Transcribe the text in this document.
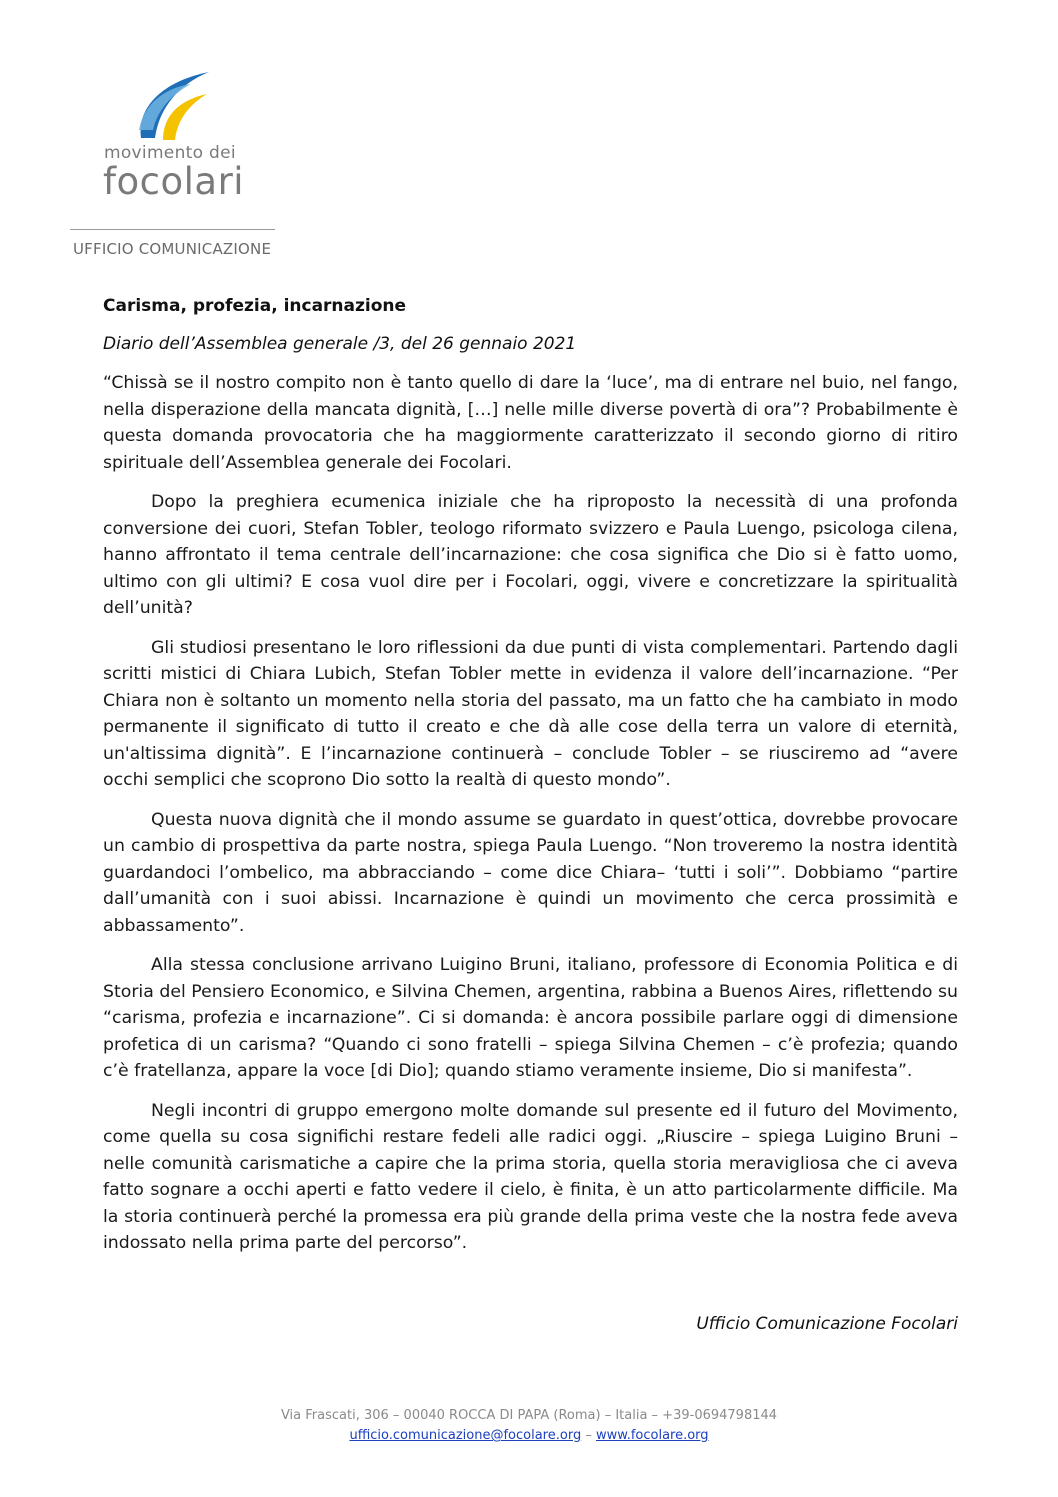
movimento dei
focolari
UFFICIO COMUNICAZIONE
Carisma, profezia, incarnazione
Diario dell’Assemblea generale /3, del 26 gennaio 2021

“Chissà se il nostro compito non è tanto quello di dare la ‘luce’, ma di entrare nel buio, nel fango, nella disperazione della mancata dignità, […] nelle mille diverse povertà di ora”? Probabilmente è questa domanda provocatoria che ha maggiormente caratterizzato il secondo giorno di ritiro spirituale dell’Assemblea generale dei Focolari.

Dopo la preghiera ecumenica iniziale che ha riproposto la necessità di una profonda conversione dei cuori, Stefan Tobler, teologo riformato svizzero e Paula Luengo, psicologa cilena, hanno affrontato il tema centrale dell’incarnazione: che cosa significa che Dio si è fatto uomo, ultimo con gli ultimi? E cosa vuol dire per i Focolari, oggi, vivere e concretizzare la spiritualità dell’unità?

Gli studiosi presentano le loro riflessioni da due punti di vista complementari. Partendo dagli scritti mistici di Chiara Lubich, Stefan Tobler mette in evidenza il valore dell’incarnazione. “Per Chiara non è soltanto un momento nella storia del passato, ma un fatto che ha cambiato in modo permanente il significato di tutto il creato e che dà alle cose della terra un valore di eternità, un'altissima dignità”. E l’incarnazione continuerà – conclude Tobler – se riusciremo ad “avere occhi semplici che scoprono Dio sotto la realtà di questo mondo”.

Questa nuova dignità che il mondo assume se guardato in quest’ottica, dovrebbe provocare un cambio di prospettiva da parte nostra, spiega Paula Luengo. “Non troveremo la nostra identità guardandoci l’ombelico, ma abbracciando – come dice Chiara– ‘tutti i soli’”. Dobbiamo “partire dall’umanità con i suoi abissi. Incarnazione è quindi un movimento che cerca prossimità e abbassamento”.

Alla stessa conclusione arrivano Luigino Bruni, italiano, professore di Economia Politica e di Storia del Pensiero Economico, e Silvina Chemen, argentina, rabbina a Buenos Aires, riflettendo su “carisma, profezia e incarnazione”. Ci si domanda: è ancora possibile parlare oggi di dimensione profetica di un carisma? “Quando ci sono fratelli – spiega Silvina Chemen – c’è profezia; quando c’è fratellanza, appare la voce [di Dio]; quando stiamo veramente insieme, Dio si manifesta”.

Negli incontri di gruppo emergono molte domande sul presente ed il futuro del Movimento, come quella su cosa significhi restare fedeli alle radici oggi. „Riuscire – spiega Luigino Bruni – nelle comunità carismatiche a capire che la prima storia, quella storia meravigliosa che ci aveva fatto sognare a occhi aperti e fatto vedere il cielo, è finita, è un atto particolarmente difficile. Ma la storia continuerà perché la promessa era più grande della prima veste che la nostra fede aveva indossato nella prima parte del percorso”.

Ufficio Comunicazione Focolari
Via Frascati, 306 – 00040 ROCCA DI PAPA (Roma) – Italia – +39-0694798144
ufficio.comunicazione@focolare.org – www.focolare.org
